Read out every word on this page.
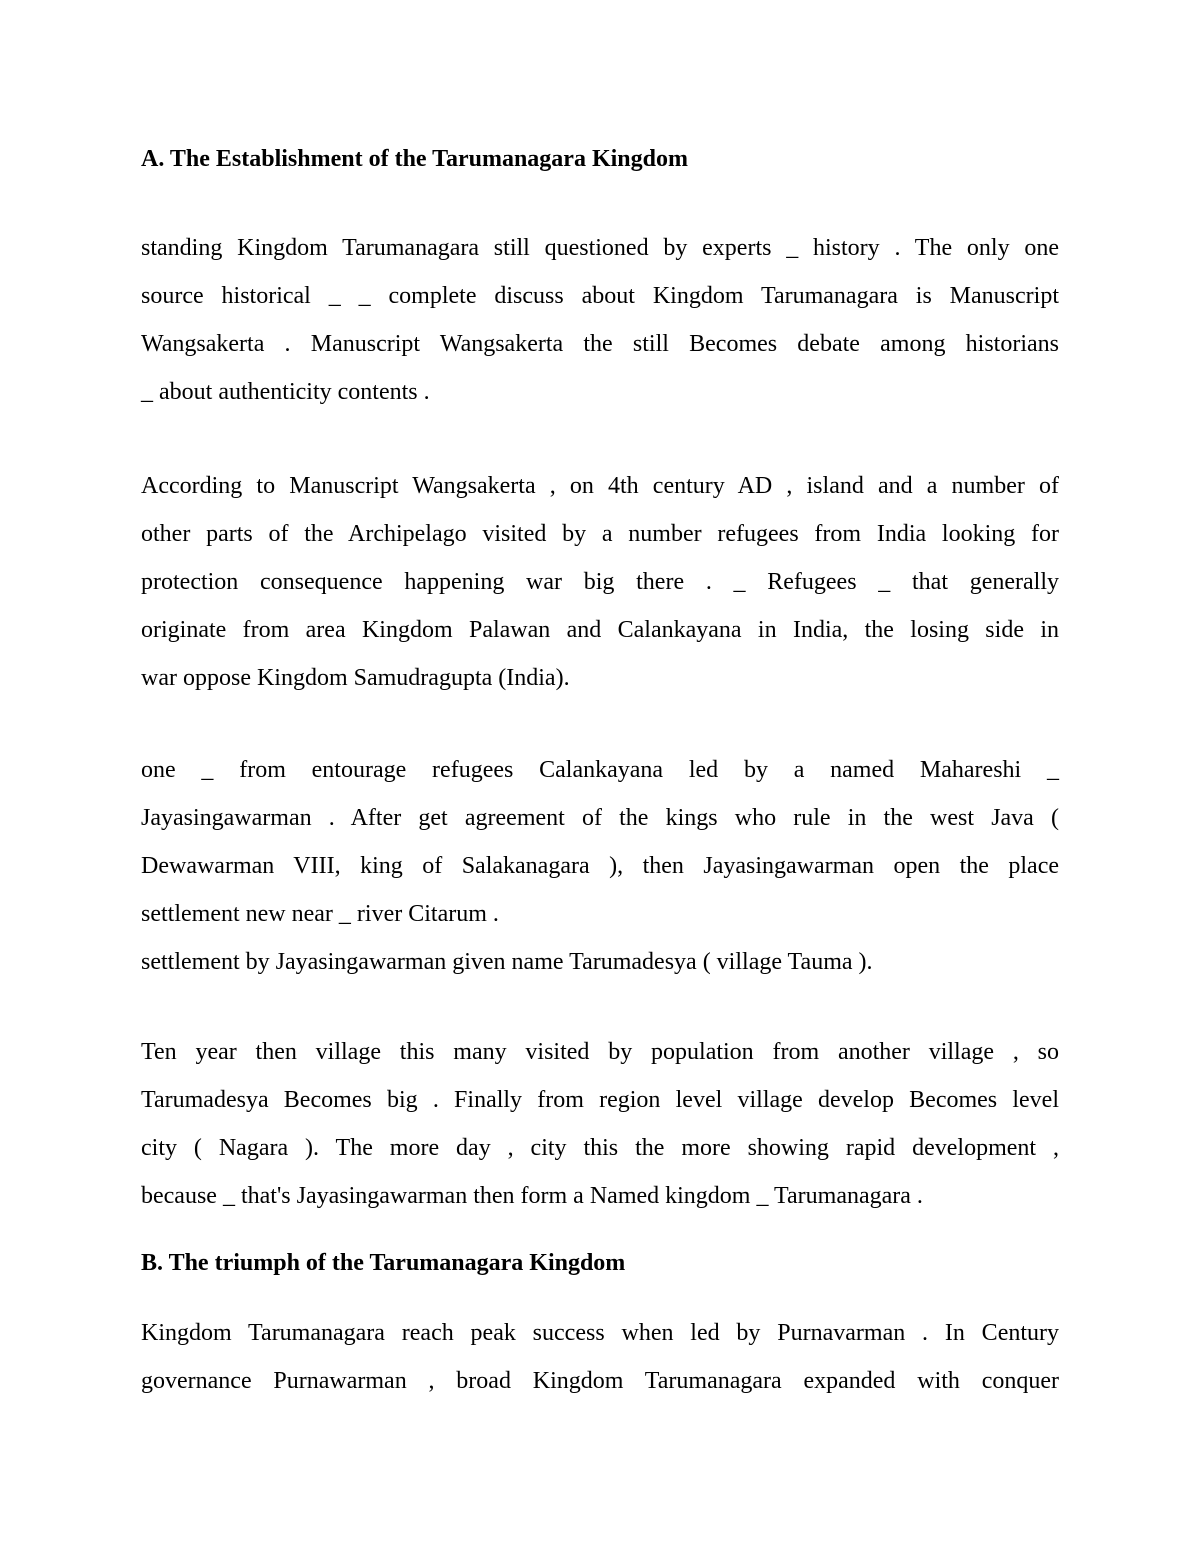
A. The Establishment of the Tarumanagara Kingdom
standing Kingdom Tarumanagara still questioned by experts _ history . The only one
source historical _ _ complete discuss about Kingdom Tarumanagara is Manuscript
Wangsakerta . Manuscript Wangsakerta the still Becomes debate among historians
_ about authenticity contents .
According to Manuscript Wangsakerta , on 4th century AD , island and a number of
other parts of the Archipelago visited by a number refugees from India looking for
protection consequence happening war big there . _ Refugees _ that generally
originate from area Kingdom Palawan and Calankayana in India, the losing side in
war oppose Kingdom Samudragupta (India).
one _ from entourage refugees Calankayana led by a named Mahareshi _
Jayasingawarman . After get agreement of the kings who rule in the west Java (
Dewawarman VIII, king of Salakanagara ), then Jayasingawarman open the place
settlement new near _ river Citarum .
settlement by Jayasingawarman given name Tarumadesya ( village Tauma ).
Ten year then village this many visited by population from another village , so
Tarumadesya Becomes big . Finally from region level village develop Becomes level
city ( Nagara ). The more day , city this the more showing rapid development ,
because _ that's Jayasingawarman then form a Named kingdom _ Tarumanagara .
B. The triumph of the Tarumanagara Kingdom
Kingdom Tarumanagara reach peak success when led by Purnavarman . In Century
governance Purnawarman , broad Kingdom Tarumanagara expanded with conquer
